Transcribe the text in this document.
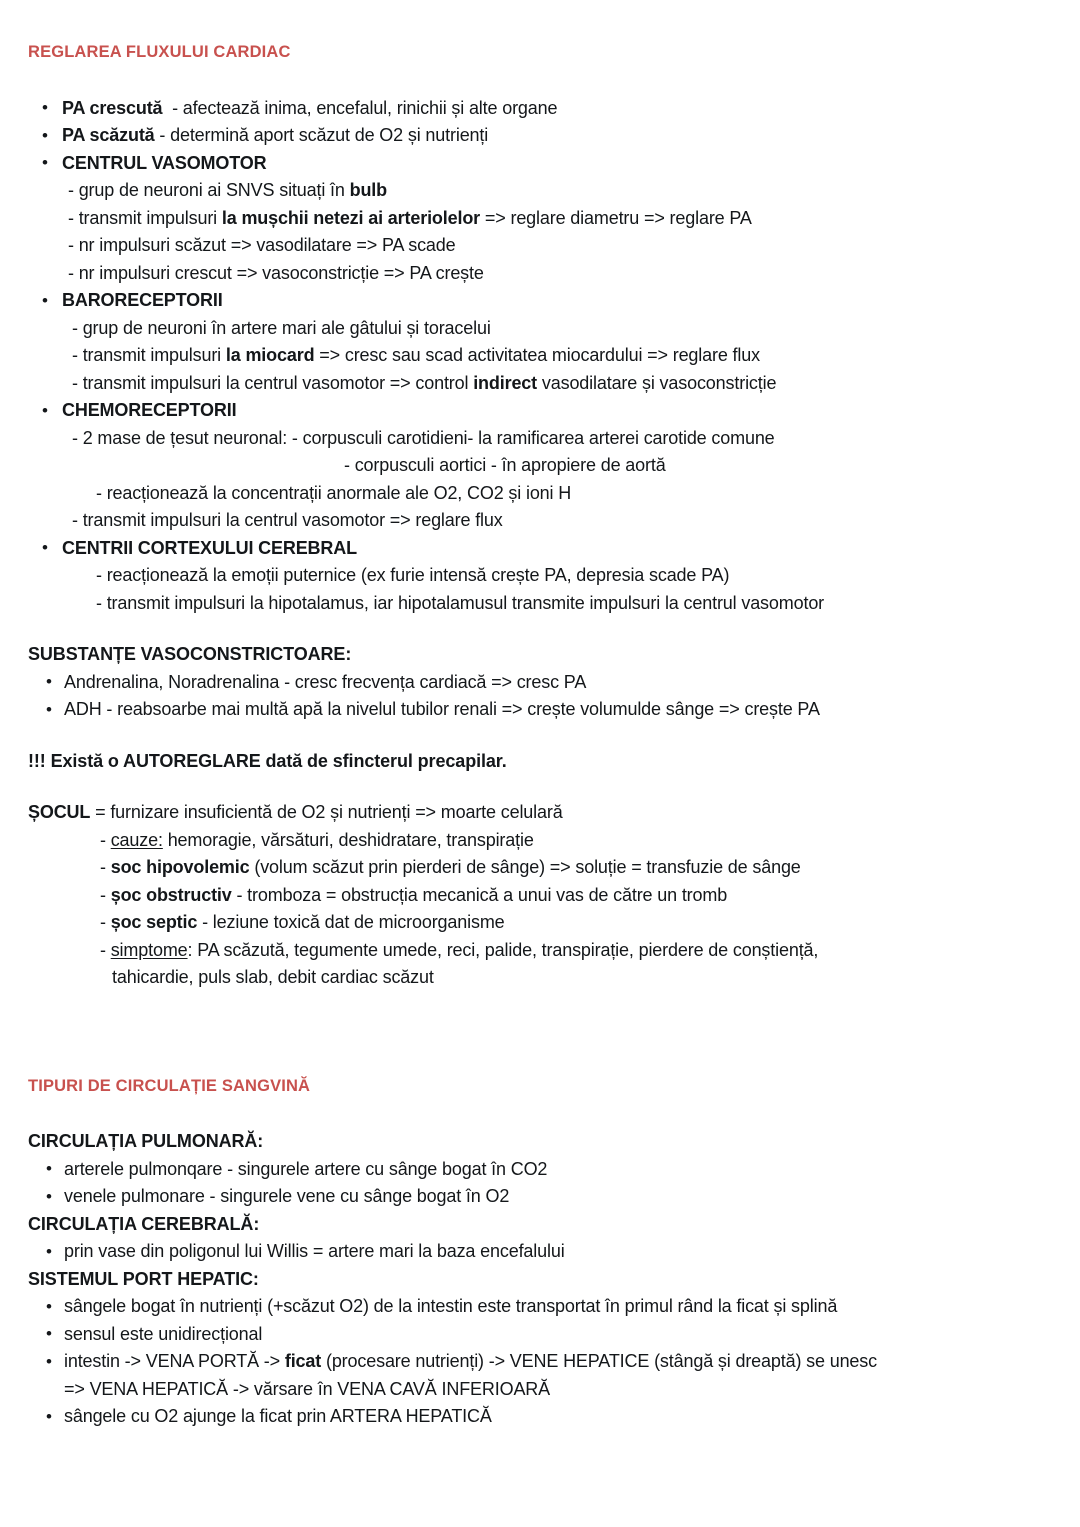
REGLAREA FLUXULUI CARDIAC
• PA crescută  - afectează inima, encefalul, rinichii și alte organe
• PA scăzută - determină aport scăzut de O2 și nutrienți
• CENTRUL VASOMOTOR
- grup de neuroni ai SNVS situați în bulb
- transmit impulsuri la mușchii netezi ai arteriolelor => reglare diametru => reglare PA
- nr impulsuri scăzut => vasodilatare => PA scade
- nr impulsuri crescut => vasoconstricție => PA crește
• BARORECEPTORII
- grup de neuroni în artere mari ale gâtului și toracelui
- transmit impulsuri la miocard => cresc sau scad activitatea miocardului => reglare flux
- transmit impulsuri la centrul vasomotor => control indirect vasodilatare și vasoconstricție
• CHEMORECEPTORII
- 2 mase de țesut neuronal: - corpusculi carotidieni- la ramificarea arterei carotide comune
- corpusculi aortici - în apropiere de aortă
- reacționează la concentrații anormale ale O2, CO2 și ioni H
- transmit impulsuri la centrul vasomotor => reglare flux
• CENTRII CORTEXULUI CEREBRAL
- reacționează la emoții puternice (ex furie intensă crește PA, depresia scade PA)
- transmit impulsuri la hipotalamus, iar hipotalamusul transmite impulsuri la centrul vasomotor
SUBSTANȚE VASOCONSTRICTOARE:
• Andrenalina, Noradrenalina - cresc frecvența cardiacă => cresc PA
• ADH - reabsoarbe mai multă apă la nivelul tubilor renali => crește volumulde sânge => crește PA
!!! Există o AUTOREGLARE dată de sfincterul precapilar.
ȘOCUL = furnizare insuficientă de O2 și nutrienți => moarte celulară
- cauze: hemoragie, vărsături, deshidratare, transpirație
- soc hipovolemic (volum scăzut prin pierderi de sânge) => soluție = transfuzie de sânge
- șoc obstructiv - tromboza = obstrucția mecanică a unui vas de către un tromb
- șoc septic - leziune toxică dat de microorganisme
- simptome: PA scăzută, tegumente umede, reci, palide, transpirație, pierdere de conștiență,
tahicardie, puls slab, debit cardiac scăzut
TIPURI DE CIRCULAȚIE SANGVINĂ
CIRCULAȚIA PULMONARĂ:
• arterele pulmonqare - singurele artere cu sânge bogat în CO2
• venele pulmonare - singurele vene cu sânge bogat în O2
CIRCULAȚIA CEREBRALĂ:
• prin vase din poligonul lui Willis = artere mari la baza encefalului
SISTEMUL PORT HEPATIC:
• sângele bogat în nutrienți (+scăzut O2) de la intestin este transportat în primul rând la ficat și splină
• sensul este unidirecțional
• intestin -> VENA PORTĂ -> ficat (procesare nutrienți) -> VENE HEPATICE (stângă și dreaptă) se unesc
=> VENA HEPATICĂ -> vărsare în VENA CAVĂ INFERIOARĂ
• sângele cu O2 ajunge la ficat prin ARTERA HEPATICĂ
